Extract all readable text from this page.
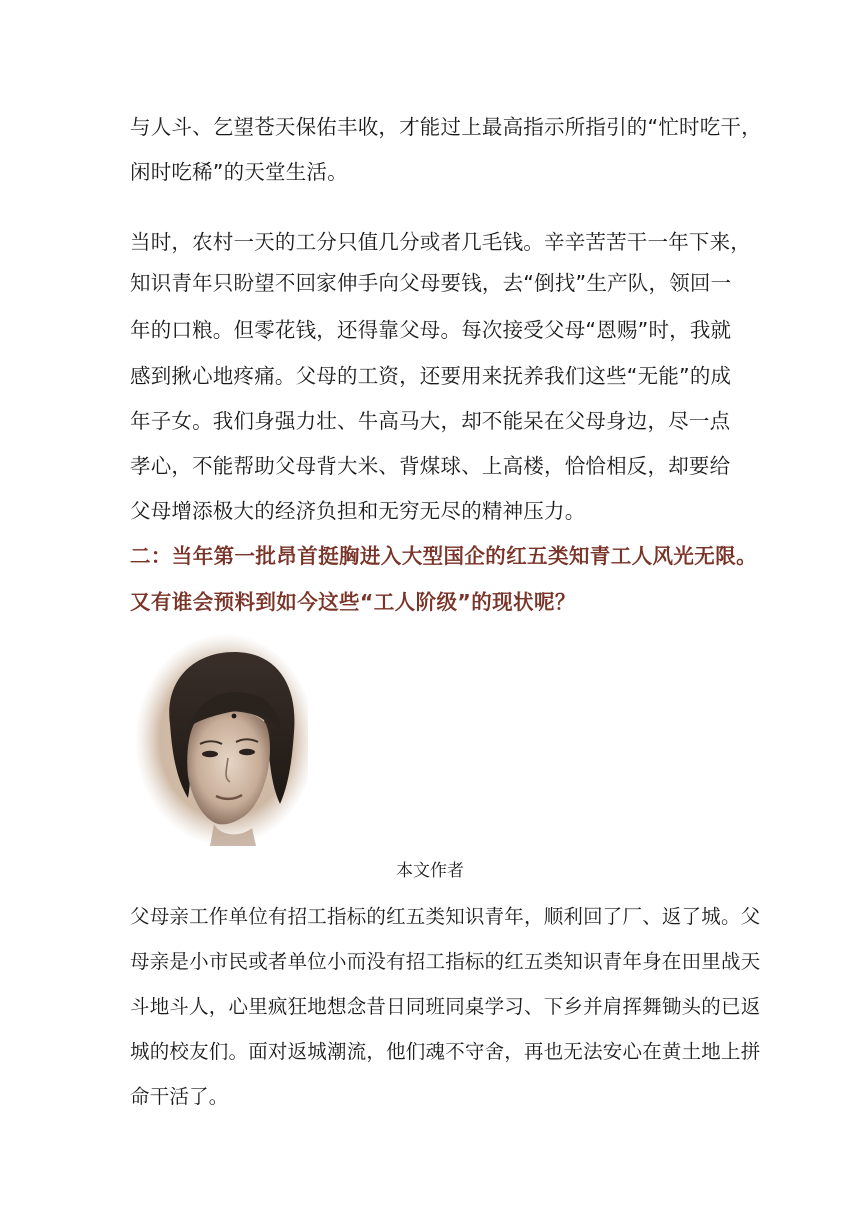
与人斗、乞望苍天保佑丰收，才能过上最高指示所指引的“忙时吃干，
闲时吃稀”的天堂生活。
当时，农村一天的工分只值几分或者几毛钱。辛辛苦苦干一年下来，
知识青年只盼望不回家伸手向父母要钱，去“倒找”生产队，领回一
年的口粮。但零花钱，还得靠父母。每次接受父母“恩赐”时，我就
感到揪心地疼痛。父母的工资，还要用来抚养我们这些“无能”的成
年子女。我们身强力壮、牛高马大，却不能呆在父母身边，尽一点
孝心，不能帮助父母背大米、背煤球、上高楼，恰恰相反，却要给
父母增添极大的经济负担和无穷无尽的精神压力。
二：当年第一批昂首挺胸进入大型国企的红五类知青工人风光无限。
又有谁会预料到如今这些“工人阶级”的现状呢？
本文作者
父母亲工作单位有招工指标的红五类知识青年，顺利回了厂、返了城。父
母亲是小市民或者单位小而没有招工指标的红五类知识青年身在田里战天
斗地斗人，心里疯狂地想念昔日同班同桌学习、下乡并肩挥舞锄头的已返
城的校友们。面对返城潮流，他们魂不守舍，再也无法安心在黄土地上拼
命干活了。
